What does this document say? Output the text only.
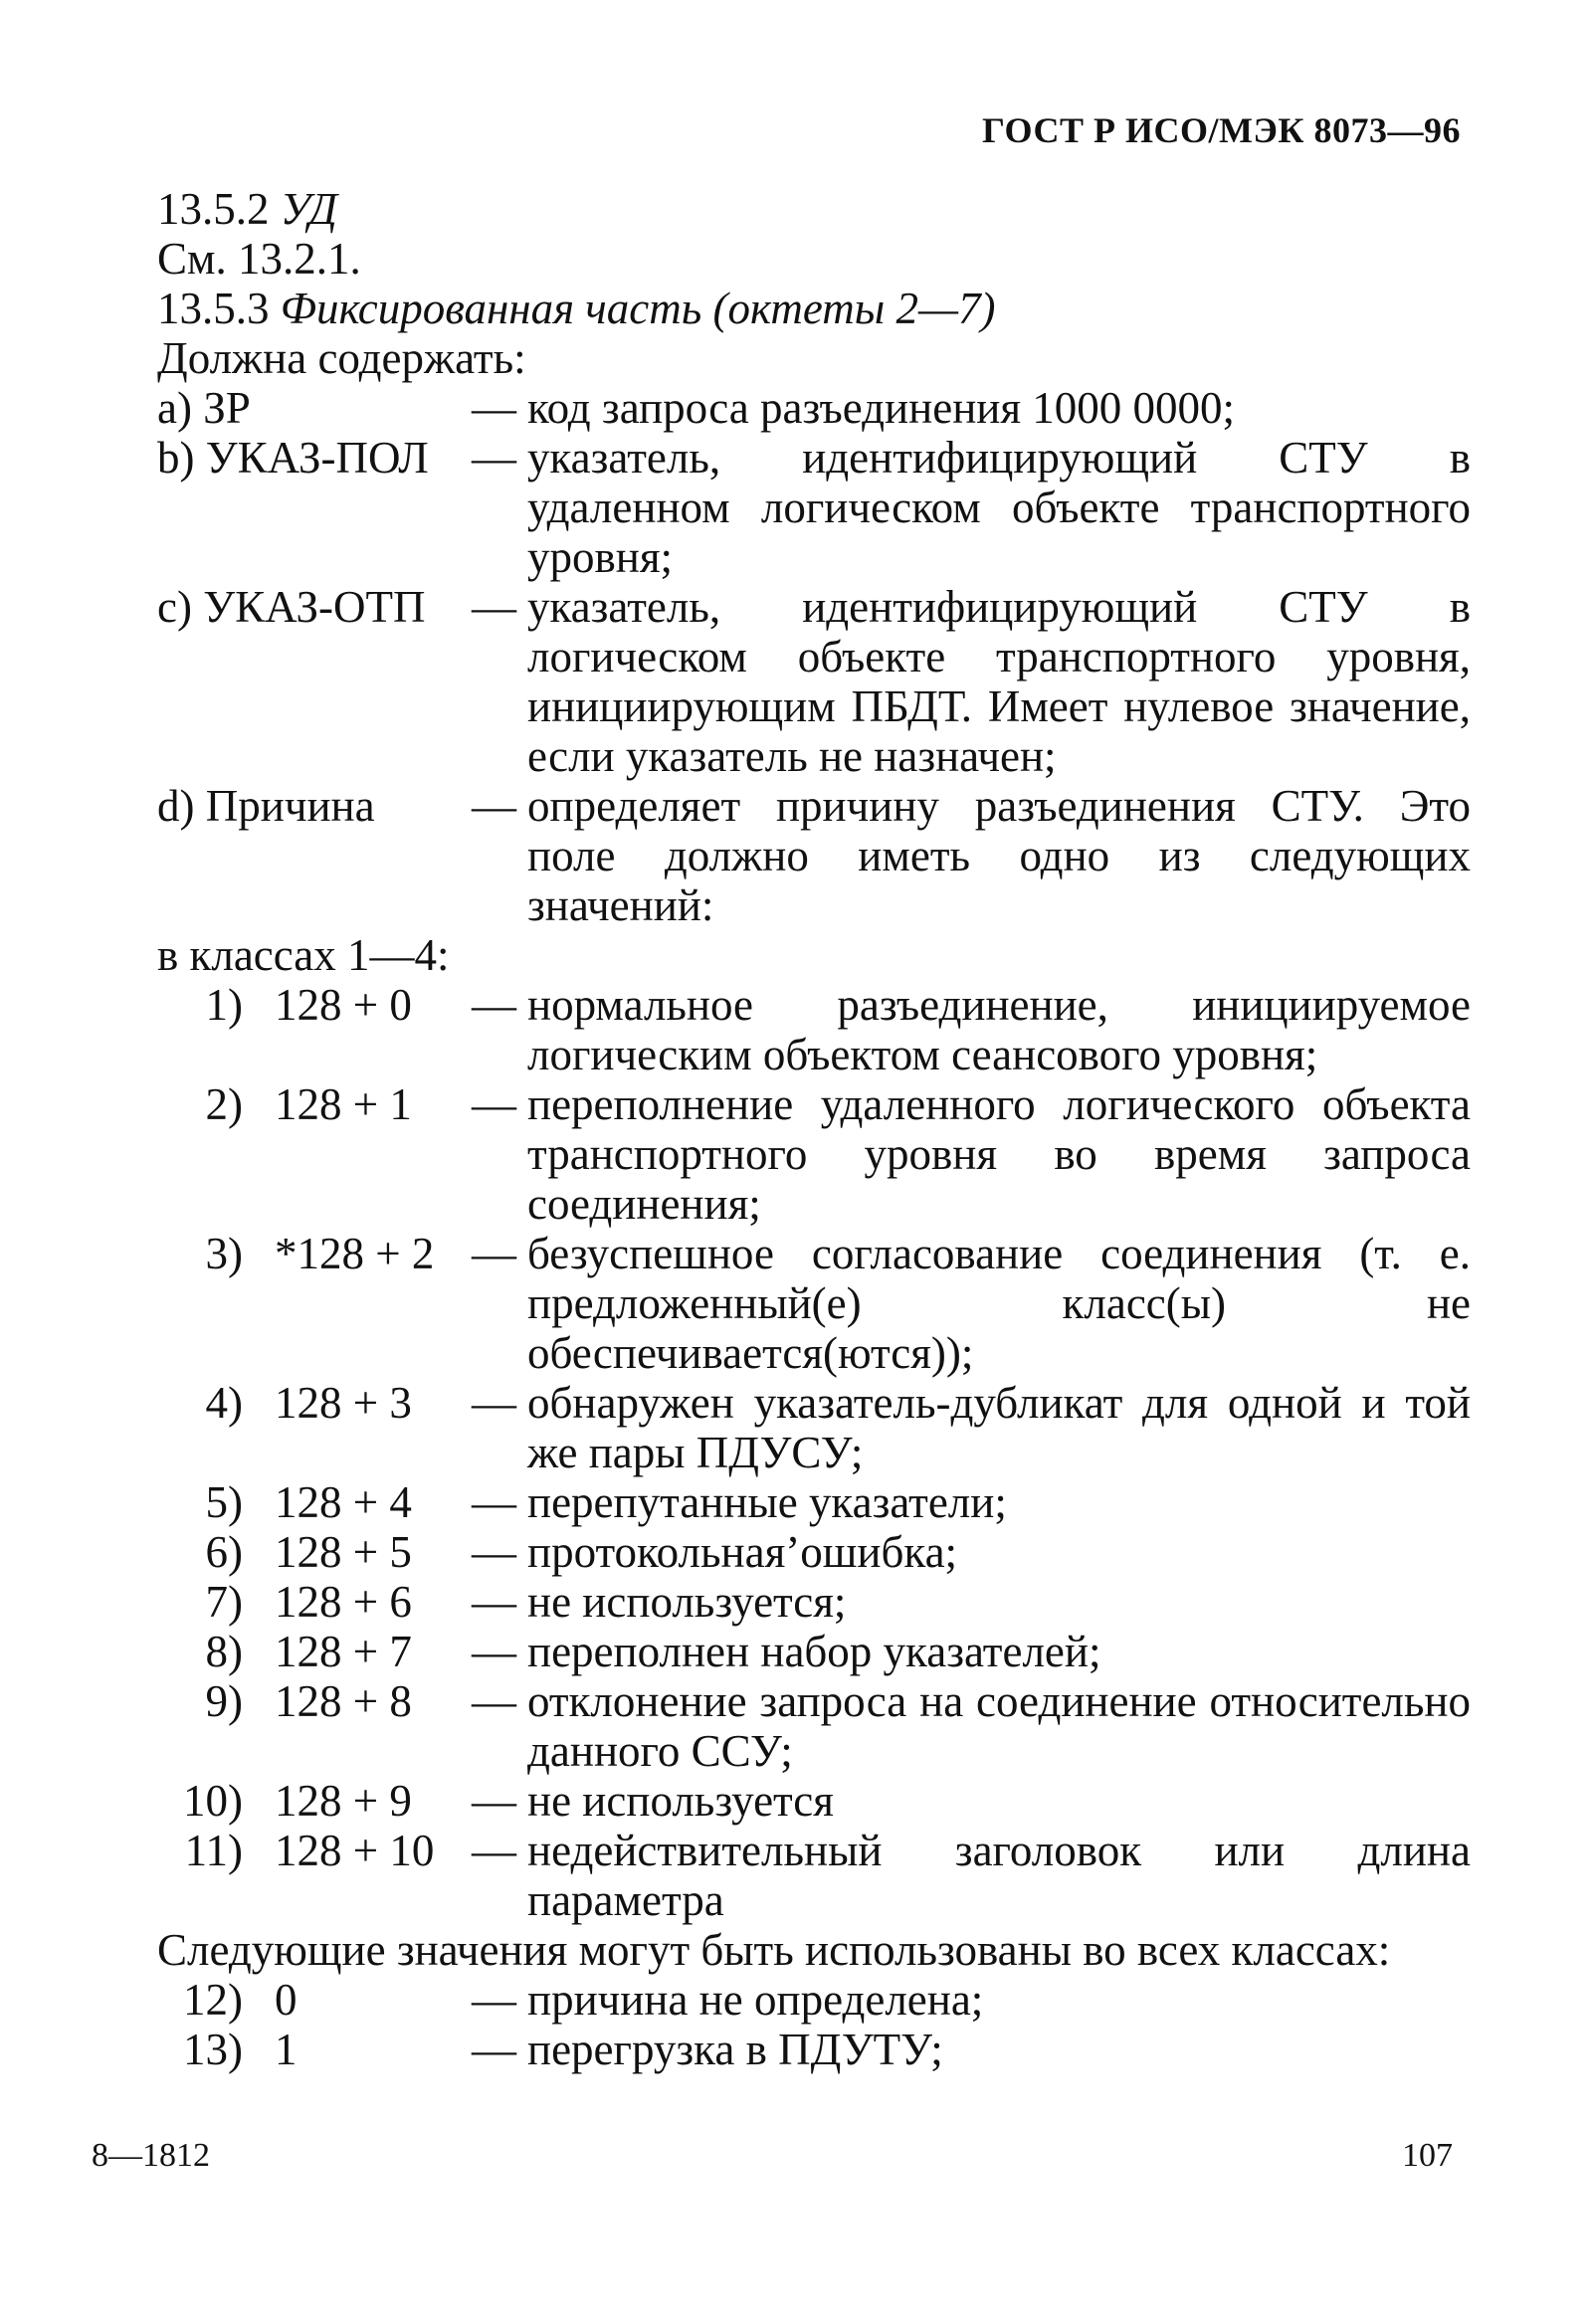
ГОСТ Р ИСО/МЭК 8073—96
13.5.2 УД
См. 13.2.1.
13.5.3 Фиксированная часть (октеты 2—7)
Должна содержать:
a) ЗР	— код запроса разъединения 1000 0000;
b) УКАЗ-ПОЛ — указатель, идентифицирующий СТУ в удаленном логическом объекте транспортного уровня;
c) УКАЗ-ОТП — указатель, идентифицирующий СТУ в логическом объекте транспортного уровня, инициирующим ПБДТ. Имеет нулевое значение, если указатель не назначен;
d) Причина — определяет причину разъединения СТУ. Это поле должно иметь одно из следующих значений:
в классах 1—4:
1) 128 + 0 — нормальное разъединение, инициируемое логическим объектом сеансового уровня;
2) 128 + 1 — переполнение удаленного логического объекта транспортного уровня во время запроса соединения;
3) *128 + 2 — безуспешное согласование соединения (т. е. предложенный(е) класс(ы) не обеспечивается(ются));
4) 128 + 3 — обнаружен указатель-дубликат для одной и той же пары ПДУСУ;
5) 128 + 4 — перепутанные указатели;
6) 128 + 5 — протокольная’ошибка;
7) 128 + 6 — не используется;
8) 128 + 7 — переполнен набор указателей;
9) 128 + 8 — отклонение запроса на соединение относительно данного ССУ;
10) 128 + 9 — не используется
11) 128 + 10 — недействительный заголовок или длина параметра
Следующие значения могут быть использованы во всех классах:
12) 0	— причина не определена;
13) 1	— перегрузка в ПДУТУ;
8—1812	107
